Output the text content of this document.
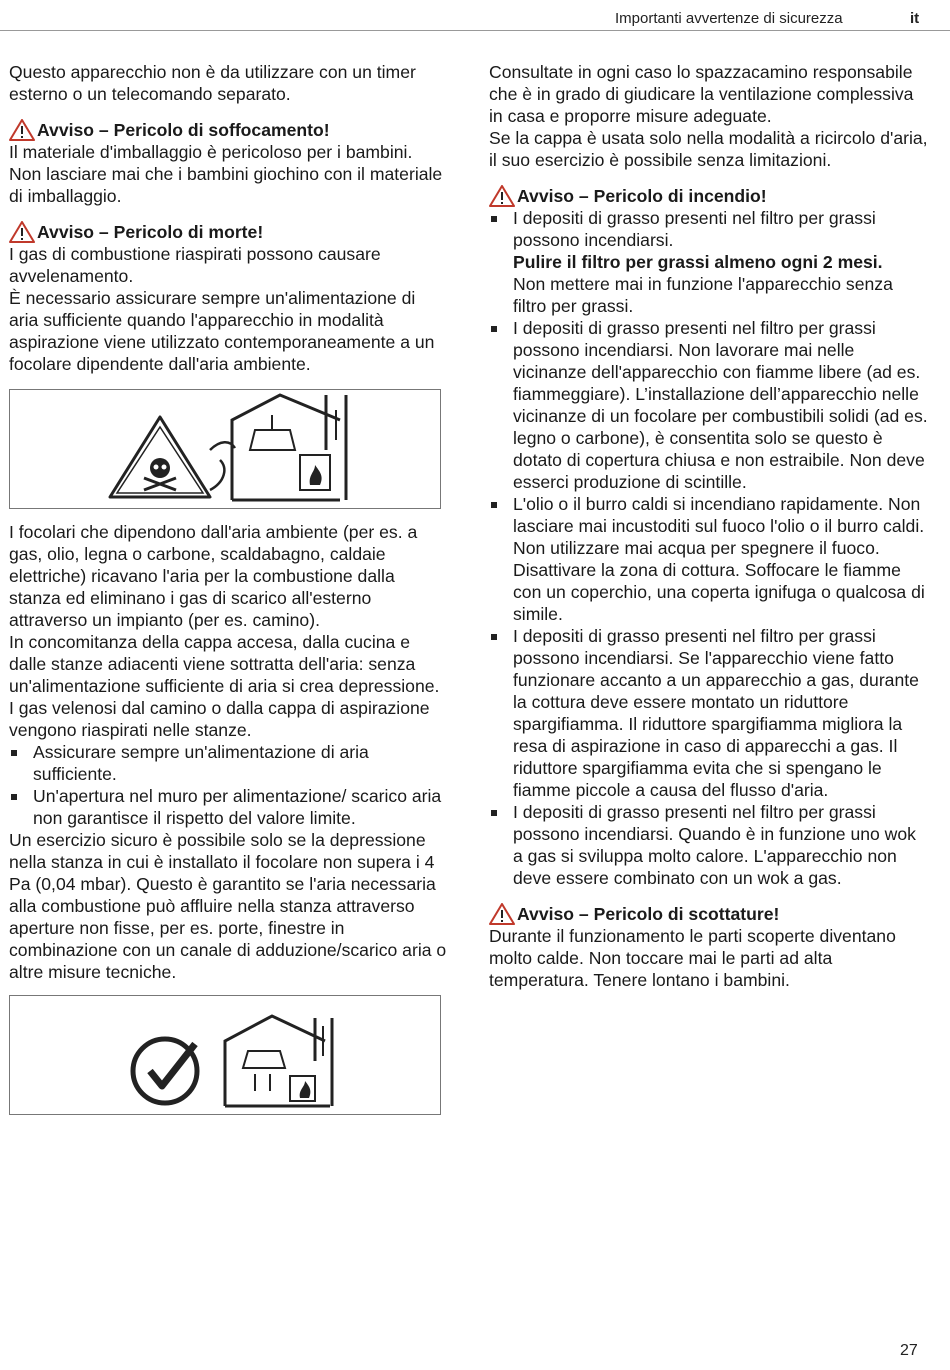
Importanti avvertenze di sicurezza	it

Questo apparecchio non è da utilizzare con un timer esterno o un telecomando separato.

Avviso – Pericolo di soffocamento!

Il materiale d'imballaggio è pericoloso per i bambini. Non lasciare mai che i bambini giochino con il materiale di imballaggio.

Avviso – Pericolo di morte!

I gas di combustione riaspirati possono causare avvelenamento.

È necessario assicurare sempre un'alimentazione di aria sufficiente quando l'apparecchio in modalità aspirazione viene utilizzato contemporaneamente a un focolare dipendente dall'aria ambiente.

I focolari che dipendono dall'aria ambiente (per es. a gas, olio, legna o carbone, scaldabagno, caldaie elettriche) ricavano l'aria per la combustione dalla stanza ed eliminano i gas di scarico all'esterno attraverso un impianto (per es. camino).

In concomitanza della cappa accesa, dalla cucina e dalle stanze adiacenti viene sottratta dell'aria: senza un'alimentazione sufficiente di aria si crea depressione. I gas velenosi dal camino o dalla cappa di aspirazione vengono riaspirati nelle stanze.

Assicurare sempre un'alimentazione di aria sufficiente.
Un'apertura nel muro per alimentazione/ scarico aria non garantisce il rispetto del valore limite.

Un esercizio sicuro è possibile solo se la depressione nella stanza in cui è installato il focolare non supera i 4 Pa (0,04 mbar). Questo è garantito se l'aria necessaria alla combustione può affluire nella stanza attraverso aperture non fisse, per es. porte, finestre in combinazione con un canale di adduzione/scarico aria o altre misure tecniche.

Consultate in ogni caso lo spazzacamino responsabile che è in grado di giudicare la ventilazione complessiva in casa e proporre misure adeguate.

Se la cappa è usata solo nella modalità a ricircolo d'aria, il suo esercizio è possibile senza limitazioni.

Avviso – Pericolo di incendio!
I depositi di grasso presenti nel filtro per grassi possono incendiarsi.
Pulire il filtro per grassi almeno ogni 2 mesi.
Non mettere mai in funzione l'apparecchio senza filtro per grassi.
I depositi di grasso presenti nel filtro per grassi possono incendiarsi. Non lavorare mai nelle vicinanze dell'apparecchio con fiamme libere (ad es. fiammeggiare). L’installazione dell’apparecchio nelle vicinanze di un focolare per combustibili solidi (ad es. legno o carbone), è consentita solo se questo è dotato di copertura chiusa e non estraibile. Non deve esserci produzione di scintille.
L'olio o il burro caldi si incendiano rapidamente. Non lasciare mai incustoditi sul fuoco l'olio o il burro caldi. Non utilizzare mai acqua per spegnere il fuoco. Disattivare la zona di cottura. Soffocare le fiamme con un coperchio, una coperta ignifuga o qualcosa di simile.
I depositi di grasso presenti nel filtro per grassi possono incendiarsi. Se l'apparecchio viene fatto funzionare accanto a un apparecchio a gas, durante la cottura deve essere montato un riduttore spargifiamma. Il riduttore spargifiamma migliora la resa di aspirazione in caso di apparecchi a gas. Il riduttore spargifiamma evita che si spengano le fiamme piccole a causa del flusso d'aria.
I depositi di grasso presenti nel filtro per grassi possono incendiarsi. Quando è in funzione uno wok a gas si sviluppa molto calore. L'apparecchio non deve essere combinato con un wok a gas.
Avviso – Pericolo di scottature!

Durante il funzionamento le parti scoperte diventano molto calde. Non toccare mai le parti ad alta temperatura. Tenere lontano i bambini.

27
